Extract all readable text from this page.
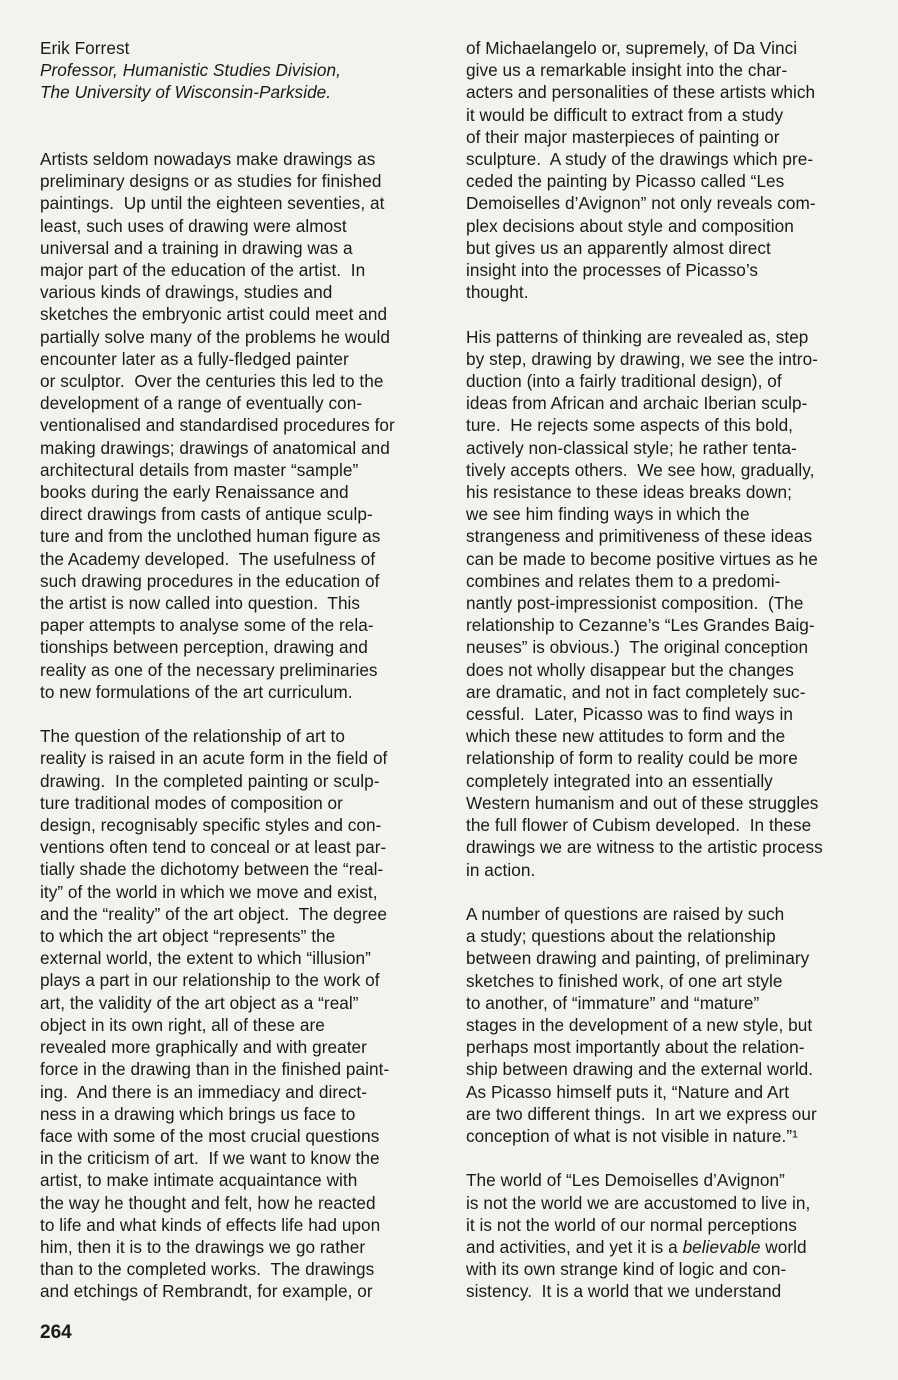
Erik Forrest
Professor, Humanistic Studies Division,
The University of Wisconsin-Parkside.
Artists seldom nowadays make drawings as
preliminary designs or as studies for finished
paintings.  Up until the eighteen seventies, at
least, such uses of drawing were almost
universal and a training in drawing was a
major part of the education of the artist.  In
various kinds of drawings, studies and
sketches the embryonic artist could meet and
partially solve many of the problems he would
encounter later as a fully-fledged painter
or sculptor.  Over the centuries this led to the
development of a range of eventually con-
ventionalised and standardised procedures for
making drawings; drawings of anatomical and
architectural details from master “sample”
books during the early Renaissance and
direct drawings from casts of antique sculp-
ture and from the unclothed human figure as
the Academy developed.  The usefulness of
such drawing procedures in the education of
the artist is now called into question.  This
paper attempts to analyse some of the rela-
tionships between perception, drawing and
reality as one of the necessary preliminaries
to new formulations of the art curriculum.
The question of the relationship of art to
reality is raised in an acute form in the field of
drawing.  In the completed painting or sculp-
ture traditional modes of composition or
design, recognisably specific styles and con-
ventions often tend to conceal or at least par-
tially shade the dichotomy between the “real-
ity” of the world in which we move and exist,
and the “reality” of the art object.  The degree
to which the art object “represents” the
external world, the extent to which “illusion”
plays a part in our relationship to the work of
art, the validity of the art object as a “real”
object in its own right, all of these are
revealed more graphically and with greater
force in the drawing than in the finished paint-
ing.  And there is an immediacy and direct-
ness in a drawing which brings us face to
face with some of the most crucial questions
in the criticism of art.  If we want to know the
artist, to make intimate acquaintance with
the way he thought and felt, how he reacted
to life and what kinds of effects life had upon
him, then it is to the drawings we go rather
than to the completed works.  The drawings
and etchings of Rembrandt, for example, or
of Michaelangelo or, supremely, of Da Vinci
give us a remarkable insight into the char-
acters and personalities of these artists which
it would be difficult to extract from a study
of their major masterpieces of painting or
sculpture.  A study of the drawings which pre-
ceded the painting by Picasso called “Les
Demoiselles d’Avignon” not only reveals com-
plex decisions about style and composition
but gives us an apparently almost direct
insight into the processes of Picasso’s
thought.
His patterns of thinking are revealed as, step
by step, drawing by drawing, we see the intro-
duction (into a fairly traditional design), of
ideas from African and archaic Iberian sculp-
ture.  He rejects some aspects of this bold,
actively non-classical style; he rather tenta-
tively accepts others.  We see how, gradually,
his resistance to these ideas breaks down;
we see him finding ways in which the
strangeness and primitiveness of these ideas
can be made to become positive virtues as he
combines and relates them to a predomi-
nantly post-impressionist composition.  (The
relationship to Cezanne’s “Les Grandes Baig-
neuses” is obvious.)  The original conception
does not wholly disappear but the changes
are dramatic, and not in fact completely suc-
cessful.  Later, Picasso was to find ways in
which these new attitudes to form and the
relationship of form to reality could be more
completely integrated into an essentially
Western humanism and out of these struggles
the full flower of Cubism developed.  In these
drawings we are witness to the artistic process
in action.
A number of questions are raised by such
a study; questions about the relationship
between drawing and painting, of preliminary
sketches to finished work, of one art style
to another, of “immature” and “mature”
stages in the development of a new style, but
perhaps most importantly about the relation-
ship between drawing and the external world.
As Picasso himself puts it, “Nature and Art
are two different things.  In art we express our
conception of what is not visible in nature.”¹
The world of “Les Demoiselles d’Avignon”
is not the world we are accustomed to live in,
it is not the world of our normal perceptions
and activities, and yet it is a believable world
with its own strange kind of logic and con-
sistency.  It is a world that we understand
264
